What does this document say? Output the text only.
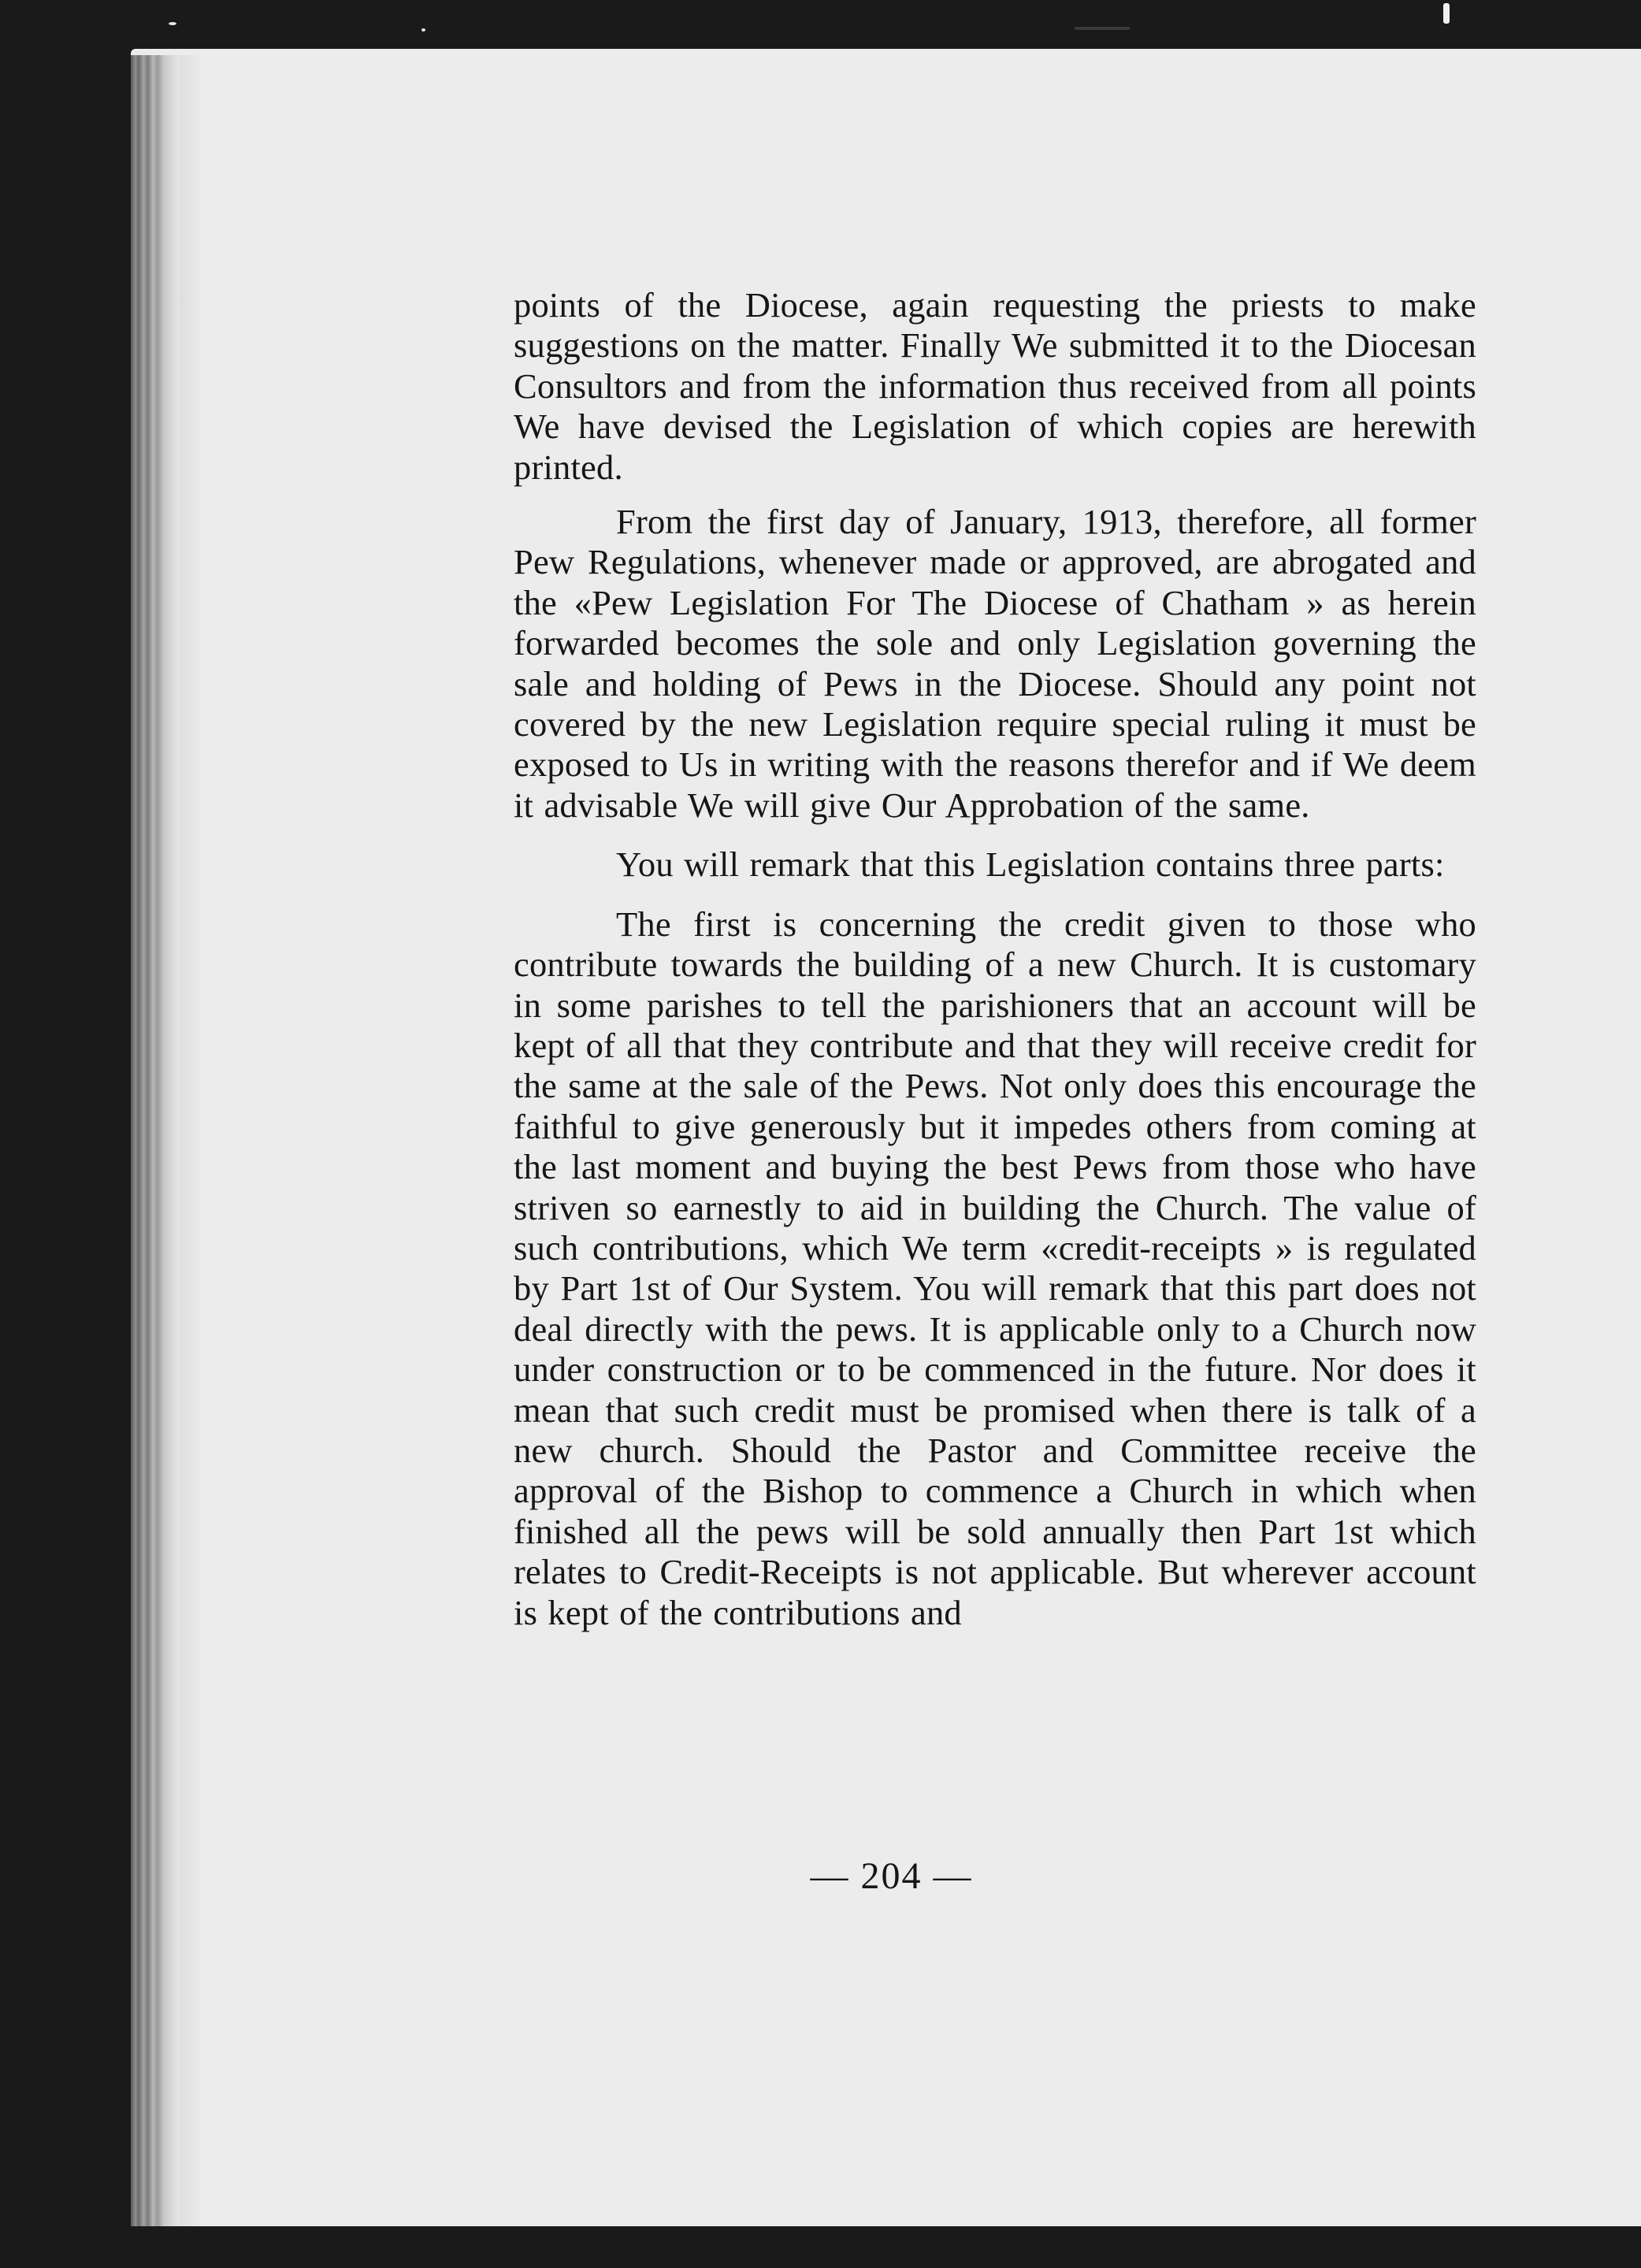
points of the Diocese, again requesting the priests to make suggestions on the matter. Finally We submitted it to the Diocesan Consultors and from the information thus received from all points We have devised the Legislation of which copies are herewith printed.

From the first day of January, 1913, therefore, all former Pew Regulations, whenever made or approved, are abrogated and the «Pew Legislation For The Diocese of Chatham » as herein forwarded becomes the sole and only Legislation governing the sale and holding of Pews in the Diocese. Should any point not covered by the new Legislation require special ruling it must be exposed to Us in writing with the reasons therefor and if We deem it advisable We will give Our Approbation of the same.

You will remark that this Legislation contains three parts:

The first is concerning the credit given to those who contribute towards the building of a new Church. It is customary in some parishes to tell the parishioners that an account will be kept of all that they contribute and that they will receive credit for the same at the sale of the Pews. Not only does this encourage the faithful to give generously but it impedes others from coming at the last moment and buying the best Pews from those who have striven so earnestly to aid in building the Church. The value of such contributions, which We term «credit-receipts » is regulated by Part 1st of Our System. You will remark that this part does not deal directly with the pews. It is applicable only to a Church now under construction or to be commenced in the future. Nor does it mean that such credit must be promised when there is talk of a new church. Should the Pastor and Committee receive the approval of the Bishop to commence a Church in which when finished all the pews will be sold annually then Part 1st which relates to Credit-Receipts is not applicable. But wherever account is kept of the contributions and

— 204 —
